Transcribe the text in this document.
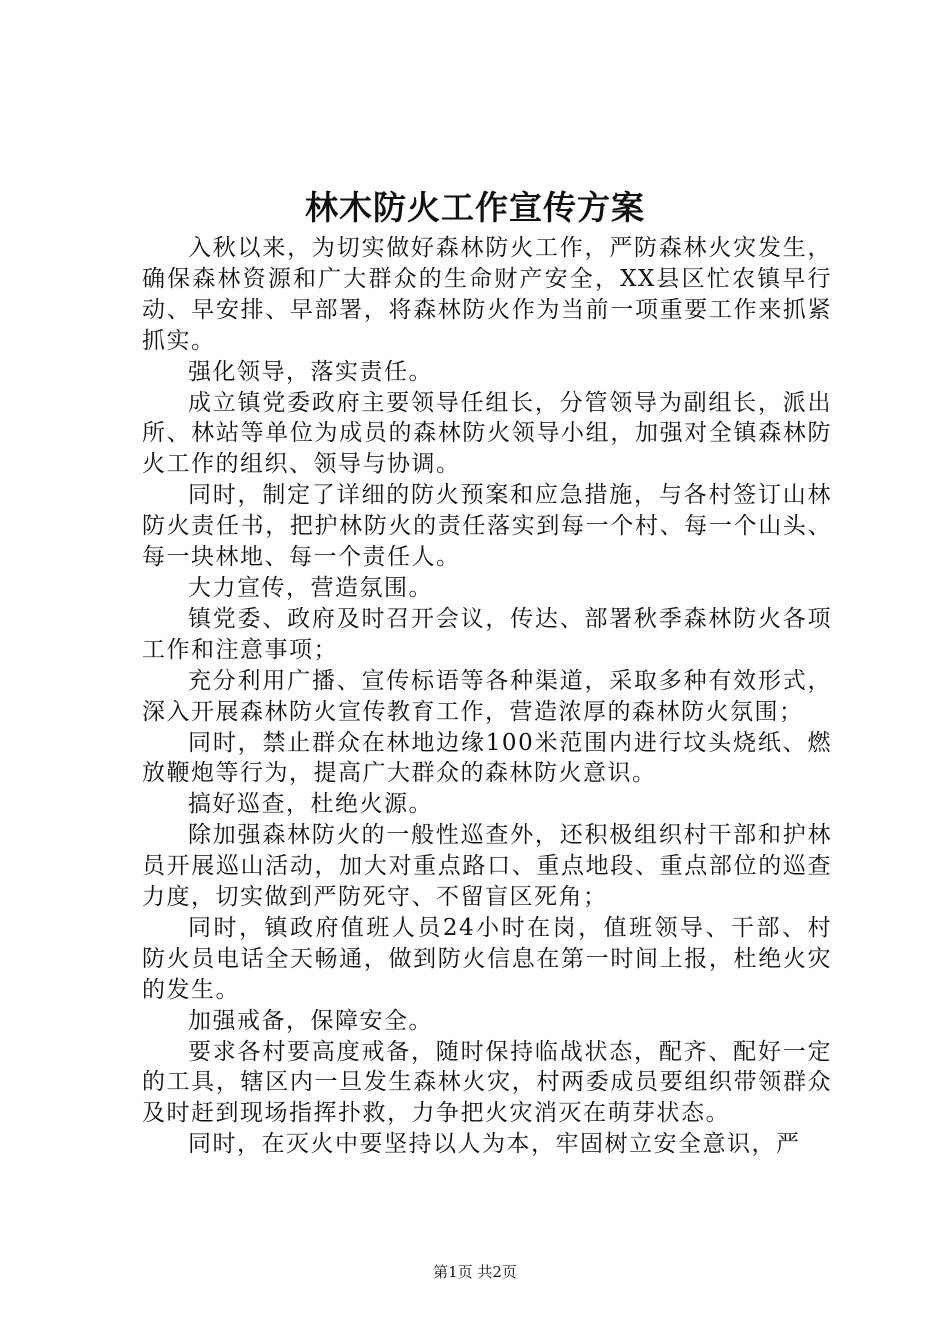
林木防火工作宣传方案

入秋以来，为切实做好森林防火工作，严防森林火灾发生，确保森林资源和广大群众的生命财产安全，XX县区忙农镇早行动、早安排、早部署，将森林防火作为当前一项重要工作来抓紧抓实。

强化领导，落实责任。

成立镇党委政府主要领导任组长，分管领导为副组长，派出所、林站等单位为成员的森林防火领导小组，加强对全镇森林防火工作的组织、领导与协调。

同时，制定了详细的防火预案和应急措施，与各村签订山林防火责任书，把护林防火的责任落实到每一个村、每一个山头、每一块林地、每一个责任人。

大力宣传，营造氛围。

镇党委、政府及时召开会议，传达、部署秋季森林防火各项工作和注意事项；

充分利用广播、宣传标语等各种渠道，采取多种有效形式，深入开展森林防火宣传教育工作，营造浓厚的森林防火氛围；

同时，禁止群众在林地边缘100米范围内进行坟头烧纸、燃放鞭炮等行为，提高广大群众的森林防火意识。

搞好巡查，杜绝火源。

除加强森林防火的一般性巡查外，还积极组织村干部和护林员开展巡山活动，加大对重点路口、重点地段、重点部位的巡查力度，切实做到严防死守、不留盲区死角；

同时，镇政府值班人员24小时在岗，值班领导、干部、村防火员电话全天畅通，做到防火信息在第一时间上报，杜绝火灾的发生。

加强戒备，保障安全。

要求各村要高度戒备，随时保持临战状态，配齐、配好一定的工具，辖区内一旦发生森林火灾，村两委成员要组织带领群众及时赶到现场指挥扑救，力争把火灾消灭在萌芽状态。

同时，在灭火中要坚持以人为本，牢固树立安全意识，严

第1页 共2页
